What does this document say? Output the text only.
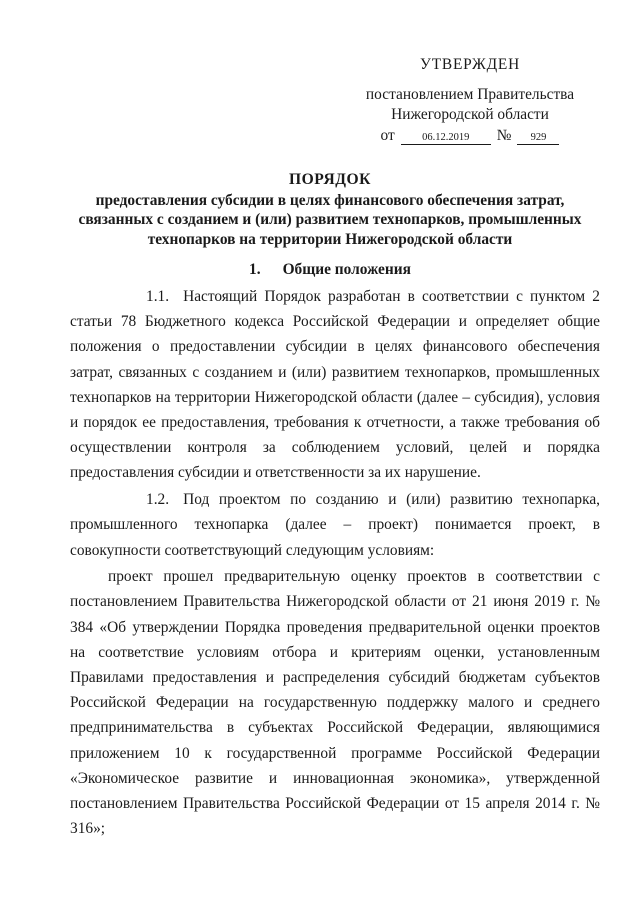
УТВЕРЖДЕН
постановлением Правительства
Нижегородской области
от	06.12.2019	№	929
ПОРЯДОК
предоставления субсидии в целях финансового обеспечения затрат,
связанных с созданием и (или) развитием технопарков, промышленных
технопарков на территории Нижегородской области
1. Общие положения

1.1. Настоящий Порядок разработан в соответствии с пунктом 2 статьи 78 Бюджетного кодекса Российской Федерации и определяет общие положения о предоставлении субсидии в целях финансового обеспечения затрат, связанных с созданием и (или) развитием технопарков, промышленных технопарков на территории Нижегородской области (далее – субсидия), условия и порядок ее предоставления, требования к отчетности, а также требования об осуществлении контроля за соблюдением условий, целей и порядка предоставления субсидии и ответственности за их нарушение.

1.2. Под проектом по созданию и (или) развитию технопарка, промышленного технопарка (далее – проект) понимается проект, в совокупности соответствующий следующим условиям:

проект прошел предварительную оценку проектов в соответствии с постановлением Правительства Нижегородской области от 21 июня 2019 г. № 384 «Об утверждении Порядка проведения предварительной оценки проектов на соответствие условиям отбора и критериям оценки, установленным Правилами предоставления и распределения субсидий бюджетам субъектов Российской Федерации на государственную поддержку малого и среднего предпринимательства в субъектах Российской Федерации, являющимися приложением 10 к государственной программе Российской Федерации «Экономическое развитие и инновационная экономика», утвержденной постановлением Правительства Российской Федерации от 15 апреля 2014 г. № 316»;
